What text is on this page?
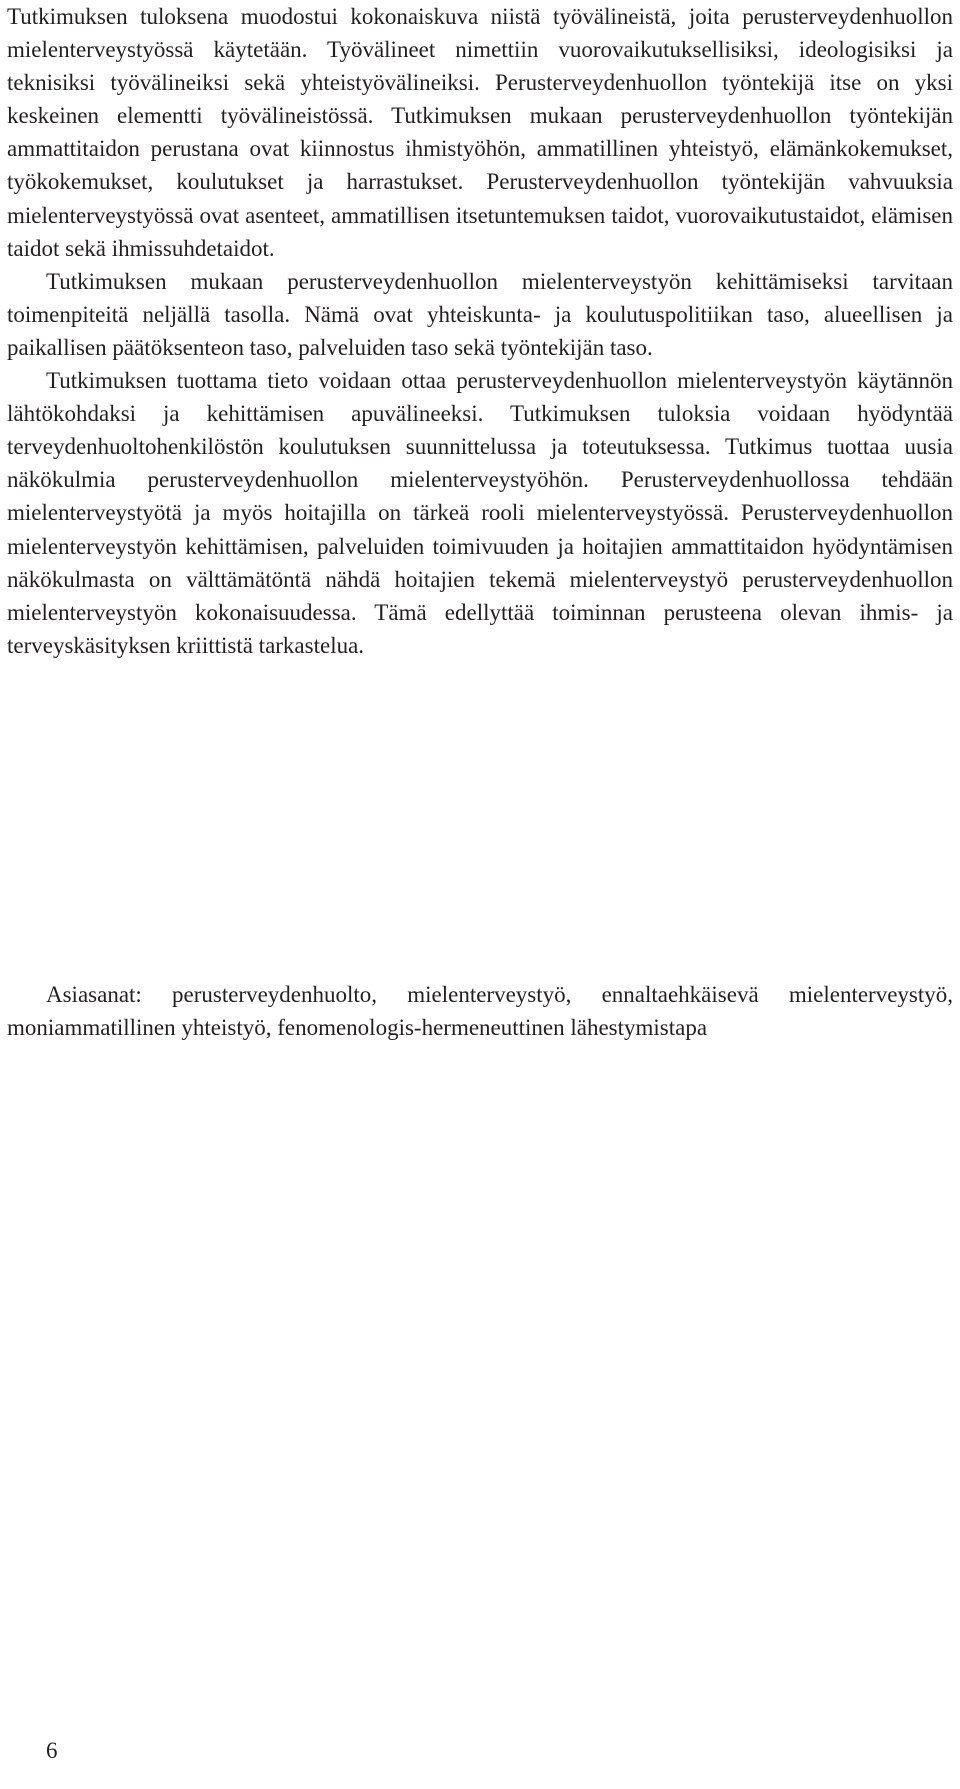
Tutkimuksen tuloksena muodostui kokonaiskuva niistä työvälineistä, joita perusterveydenhuollon mielenterveystyössä käytetään. Työvälineet nimettiin vuorovaikutuksellisiksi, ideologisiksi ja teknisiksi työvälineiksi sekä yhteistyövälineiksi. Perusterveydenhuollon työntekijä itse on yksi keskeinen elementti työvälineistössä. Tutkimuksen mukaan perusterveydenhuollon työntekijän ammattitaidon perustana ovat kiinnostus ihmistyöhön, ammatillinen yhteistyö, elämänkokemukset, työkokemukset, koulutukset ja harrastukset. Perusterveydenhuollon työntekijän vahvuuksia mielenterveystyössä ovat asenteet, ammatillisen itsetuntemuksen taidot, vuorovaikutustaidot, elämisen taidot sekä ihmissuhdetaidot.

Tutkimuksen mukaan perusterveydenhuollon mielenterveystyön kehittämiseksi tarvitaan toimenpiteitä neljällä tasolla. Nämä ovat yhteiskunta- ja koulutuspolitiikan taso, alueellisen ja paikallisen päätöksenteon taso, palveluiden taso sekä työntekijän taso.

Tutkimuksen tuottama tieto voidaan ottaa perusterveydenhuollon mielenterveystyön käytännön lähtökohdaksi ja kehittämisen apuvälineeksi. Tutkimuksen tuloksia voidaan hyödyntää terveydenhuoltohenkilöstön koulutuksen suunnittelussa ja toteutuksessa. Tutkimus tuottaa uusia näkökulmia perusterveydenhuollon mielenterveystyöhön. Perusterveydenhuollossa tehdään mielenterveystyötä ja myös hoitajilla on tärkeä rooli mielenterveystyössä. Perusterveydenhuollon mielenterveystyön kehittämisen, palveluiden toimivuuden ja hoitajien ammattitaidon hyödyntämisen näkökulmasta on välttämätöntä nähdä hoitajien tekemä mielenterveystyö perusterveydenhuollon mielenterveystyön kokonaisuudessa. Tämä edellyttää toiminnan perusteena olevan ihmis- ja terveyskäsityksen kriittistä tarkastelua.

Asiasanat: perusterveydenhuolto, mielenterveystyö, ennaltaehkäisevä mielenterveystyö, moniammatillinen yhteistyö, fenomenologis-hermeneuttinen lähestymistapa

6
